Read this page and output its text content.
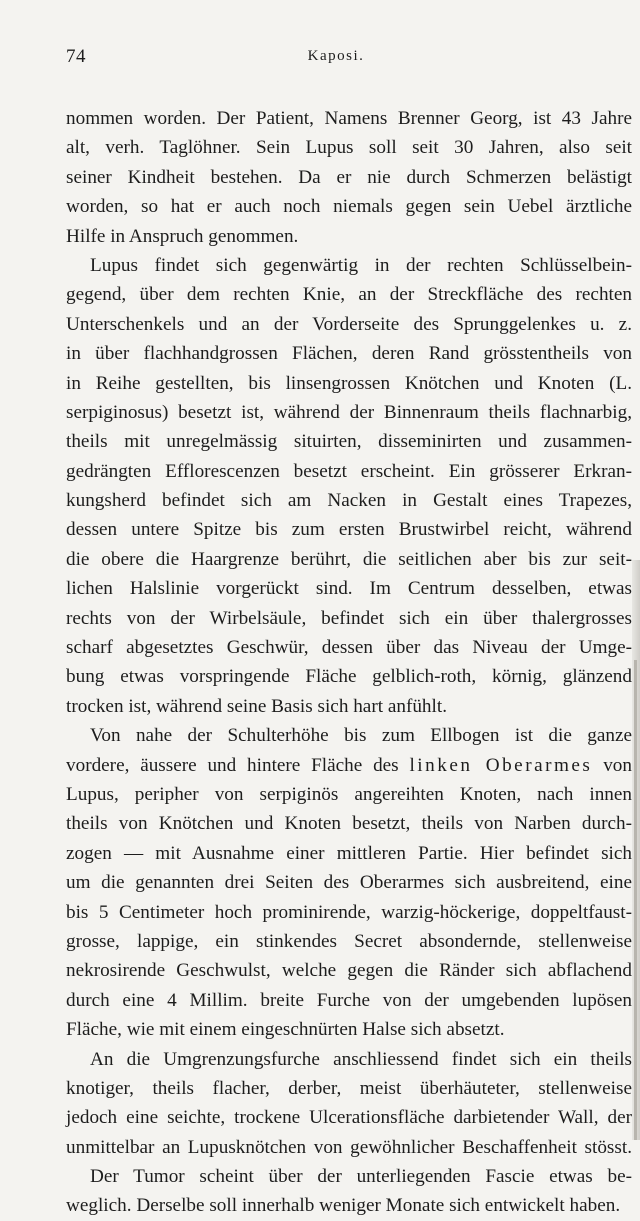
74	Kaposi.
nommen worden. Der Patient, Namens Brenner Georg, ist 43 Jahre
alt, verh. Taglöhner. Sein Lupus soll seit 30 Jahren, also seit
seiner Kindheit bestehen. Da er nie durch Schmerzen belästigt
worden, so hat er auch noch niemals gegen sein Uebel ärztliche
Hilfe in Anspruch genommen.
Lupus findet sich gegenwärtig in der rechten Schlüsselbein-
gegend, über dem rechten Knie, an der Streckfläche des rechten
Unterschenkels und an der Vorderseite des Sprunggelenkes u. z.
in über flachhandgrossen Flächen, deren Rand grösstentheils von
in Reihe gestellten, bis linsengrossen Knötchen und Knoten (L.
serpiginosus) besetzt ist, während der Binnenraum theils flachnarbig,
theils mit unregelmässig situirten, disseminirten und zusammen-
gedrängten Efflorescenzen besetzt erscheint. Ein grösserer Erkran-
kungsherd befindet sich am Nacken in Gestalt eines Trapezes,
dessen untere Spitze bis zum ersten Brustwirbel reicht, während
die obere die Haargrenze berührt, die seitlichen aber bis zur seit-
lichen Halslinie vorgerückt sind. Im Centrum desselben, etwas
rechts von der Wirbelsäule, befindet sich ein über thalergrosses
scharf abgesetztes Geschwür, dessen über das Niveau der Umge-
bung etwas vorspringende Fläche gelblich-roth, körnig, glänzend
trocken ist, während seine Basis sich hart anfühlt.
Von nahe der Schulterhöhe bis zum Ellbogen ist die ganze
vordere, äussere und hintere Fläche des linken Oberarmes von
Lupus, peripher von serpiginös angereihten Knoten, nach innen
theils von Knötchen und Knoten besetzt, theils von Narben durch-
zogen — mit Ausnahme einer mittleren Partie. Hier befindet sich
um die genannten drei Seiten des Oberarmes sich ausbreitend, eine
bis 5 Centimeter hoch prominirende, warzig-höckerige, doppeltfaust-
grosse, lappige, ein stinkendes Secret absondernde, stellenweise
nekrosirende Geschwulst, welche gegen die Ränder sich abflachend
durch eine 4 Millim. breite Furche von der umgebenden lupösen
Fläche, wie mit einem eingeschnürten Halse sich absetzt.
An die Umgrenzungsfurche anschliessend findet sich ein theils
knotiger, theils flacher, derber, meist überhäuteter, stellenweise
jedoch eine seichte, trockene Ulcerationsfläche darbietender Wall, der
unmittelbar an Lupusknötchen von gewöhnlicher Beschaffenheit stösst.
Der Tumor scheint über der unterliegenden Fascie etwas be-
weglich. Derselbe soll innerhalb weniger Monate sich entwickelt haben.
